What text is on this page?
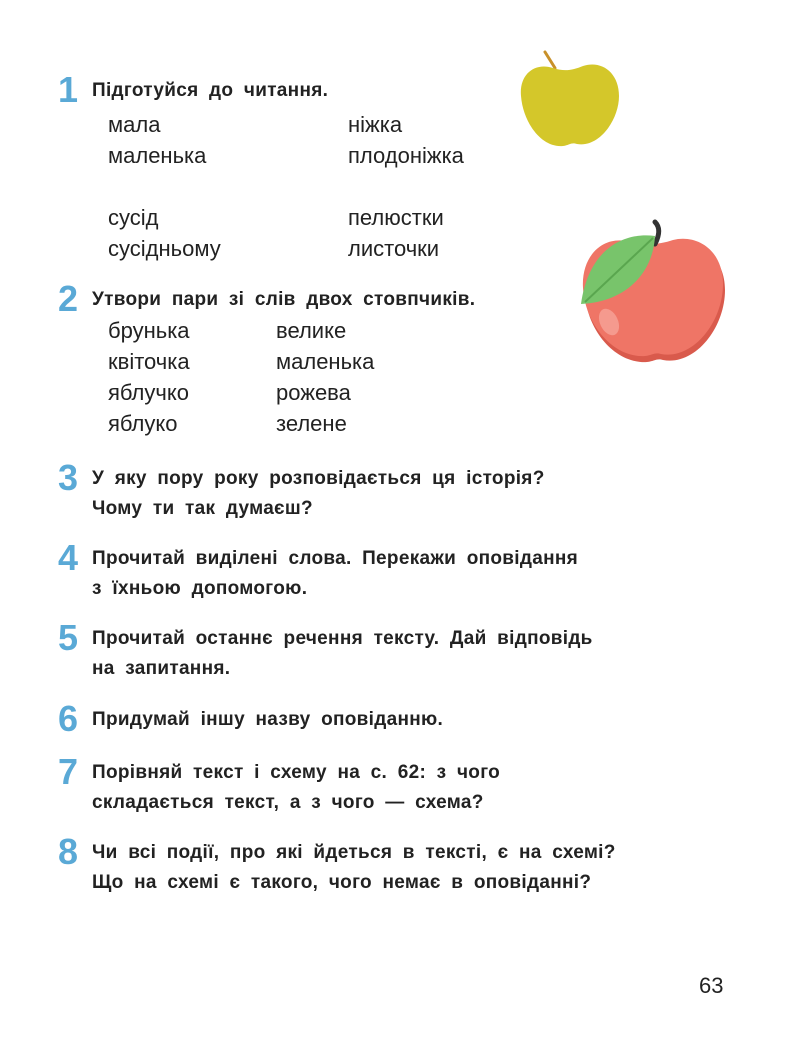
1 Підготуйся до читання.
мала
маленька
ніжка
плодоніжка
сусід
сусідньому
пелюстки
листочки
2 Утвори пари зі слів двох стовпчиків.
брунька
квіточка
яблучко
яблуко
велике
маленька
рожева
зелене
3 У яку пору року розповідається ця історія?
Чому ти так думаєш?
4 Прочитай виділені слова. Перекажи оповідання
з їхньою допомогою.
5 Прочитай останнє речення тексту. Дай відповідь
на запитання.
6 Придумай іншу назву оповіданню.
7 Порівняй текст і схему на с. 62: з чого
складається текст, а з чого — схема?
8 Чи всі події, про які йдеться в тексті, є на схемі?
Що на схемі є такого, чого немає в оповіданні?
63
